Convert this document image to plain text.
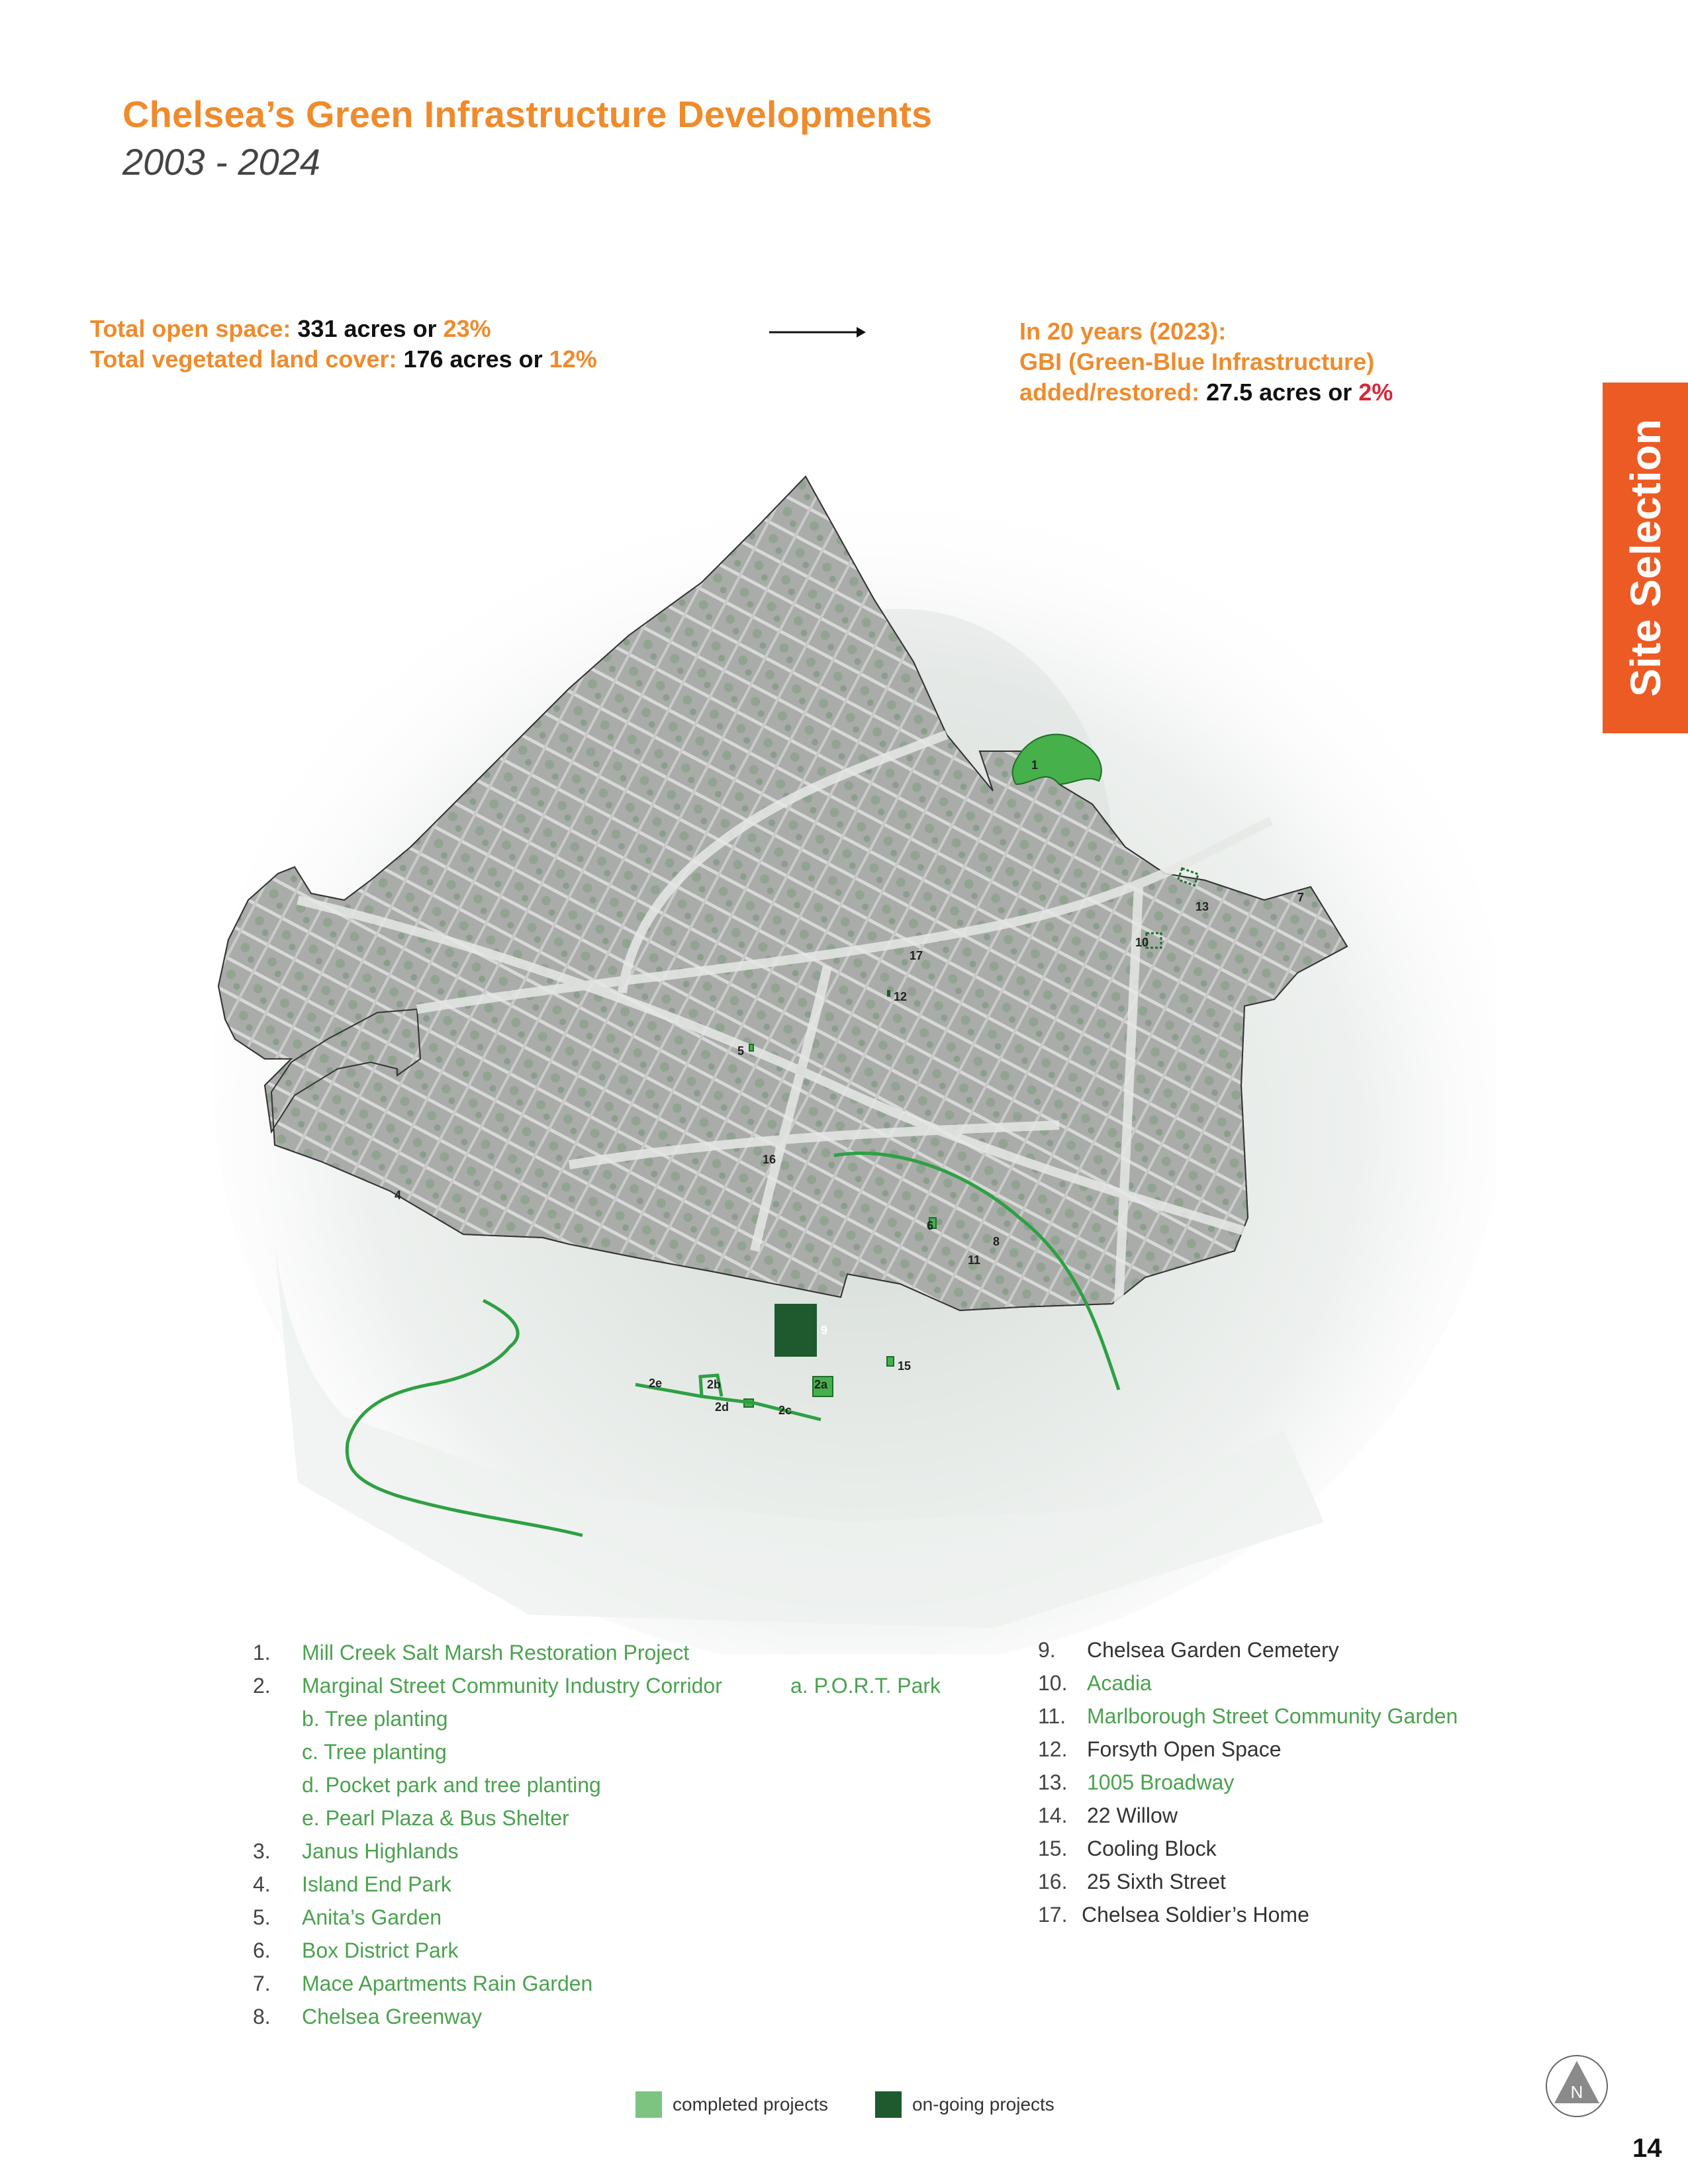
Chelsea’s Green Infrastructure Developments
2003 - 2024
Total open space: 331 acres or 23%
Total vegetated land cover: 176 acres or 12%
In 20 years (2023):
GBI (Green-Blue Infrastructure)
added/restored: 27.5 acres or 2%
Site Selection
1
2a
2b
2c
2d
2e
4
5
6
7
8
9
10
11
12
13
15
16
17
1. Mill Creek Salt Marsh Restoration Project
2. Marginal Street Community Industry Corridor	a. P.O.R.T. Park
b. Tree planting
c. Tree planting
d. Pocket park and tree planting
e. Pearl Plaza & Bus Shelter
3. Janus Highlands
4. Island End Park
5. Anita’s Garden
6. Box District Park
7. Mace Apartments Rain Garden
8. Chelsea Greenway
9. Chelsea Garden Cemetery
10. Acadia
11. Marlborough Street Community Garden
12. Forsyth Open Space
13. 1005 Broadway
14. 22 Willow
15. Cooling Block
16. 25 Sixth Street
17. Chelsea Soldier’s Home
completed projects	on-going projects
N
14
